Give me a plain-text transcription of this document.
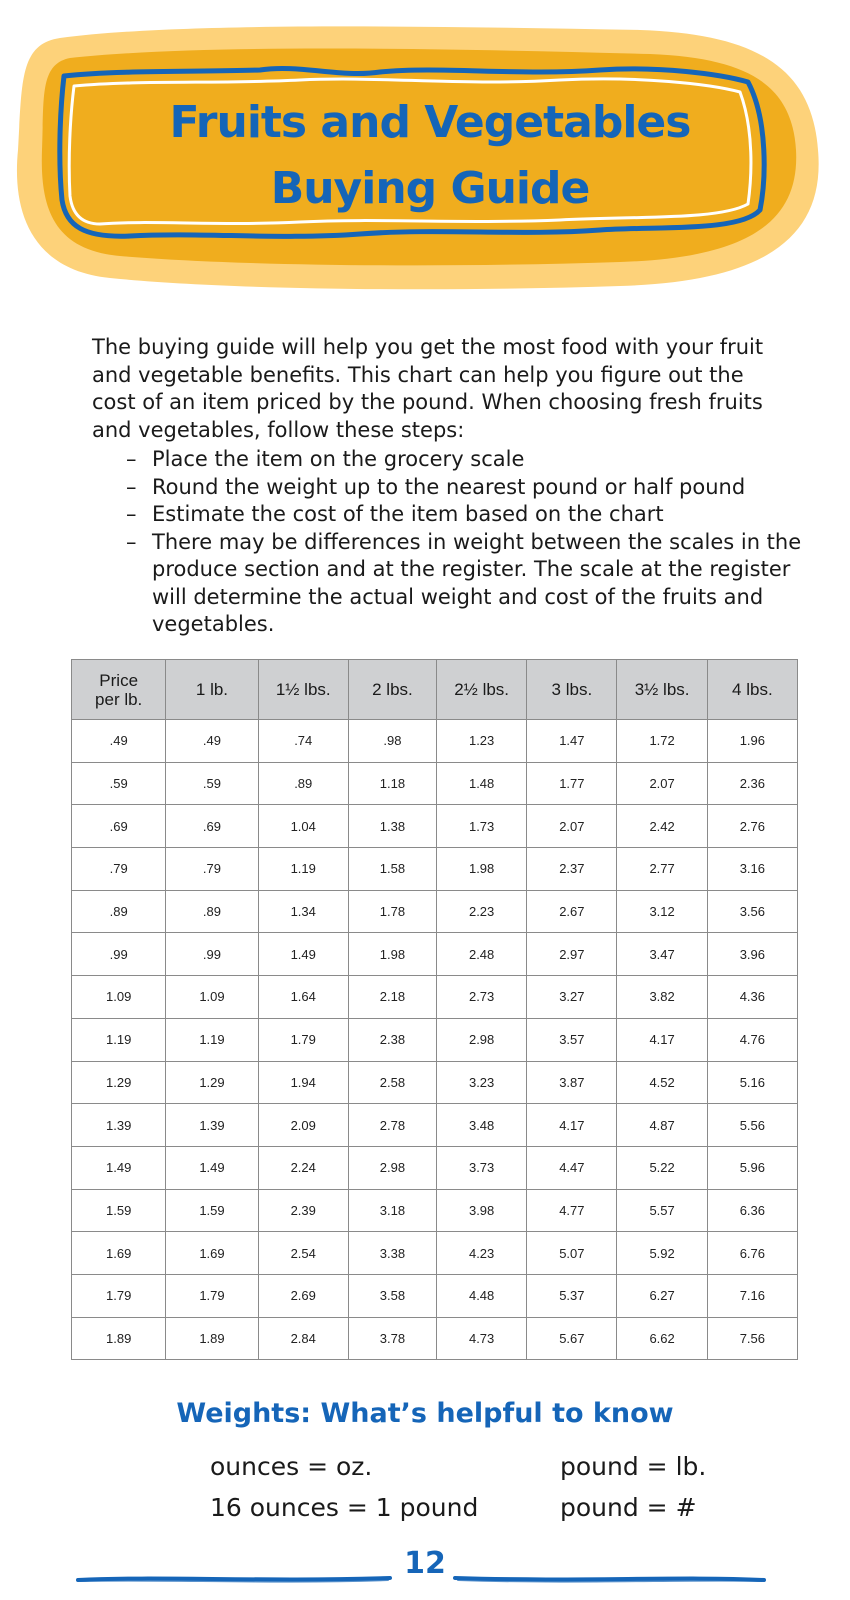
Fruits and Vegetables
Buying Guide

The buying guide will help you get the most food with your fruit and vegetable benefits. This chart can help you figure out the cost of an item priced by the pound. When choosing fresh fruits and vegetables, follow these steps:

– Place the item on the grocery scale
– Round the weight up to the nearest pound or half pound
– Estimate the cost of the item based on the chart
– There may be differences in weight between the scales in the produce section and at the register. The scale at the register will determine the actual weight and cost of the fruits and vegetables.
Price per lb.	1 lb.	1½ lbs.	2 lbs.	2½ lbs.	3 lbs.	3½ lbs.	4 lbs.
.49	.49	.74	.98	1.23	1.47	1.72	1.96
.59	.59	.89	1.18	1.48	1.77	2.07	2.36
.69	.69	1.04	1.38	1.73	2.07	2.42	2.76
.79	.79	1.19	1.58	1.98	2.37	2.77	3.16
.89	.89	1.34	1.78	2.23	2.67	3.12	3.56
.99	.99	1.49	1.98	2.48	2.97	3.47	3.96
1.09	1.09	1.64	2.18	2.73	3.27	3.82	4.36
1.19	1.19	1.79	2.38	2.98	3.57	4.17	4.76
1.29	1.29	1.94	2.58	3.23	3.87	4.52	5.16
1.39	1.39	2.09	2.78	3.48	4.17	4.87	5.56
1.49	1.49	2.24	2.98	3.73	4.47	5.22	5.96
1.59	1.59	2.39	3.18	3.98	4.77	5.57	6.36
1.69	1.69	2.54	3.38	4.23	5.07	5.92	6.76
1.79	1.79	2.69	3.58	4.48	5.37	6.27	7.16
1.89	1.89	2.84	3.78	4.73	5.67	6.62	7.56
Weights: What’s helpful to know
ounces = oz.	pound = lb.
16 ounces = 1 pound	pound = #
12
